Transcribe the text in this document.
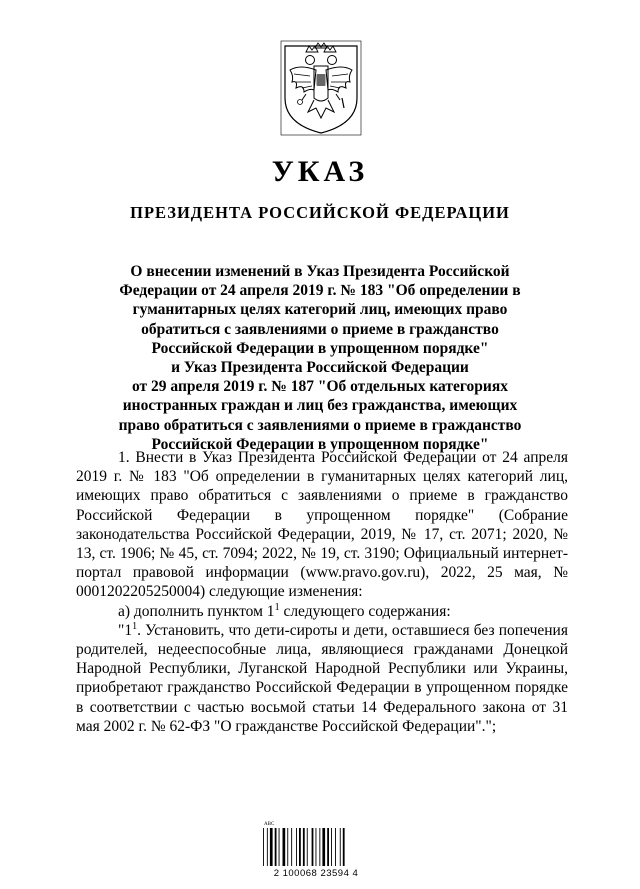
УКАЗ
ПРЕЗИДЕНТА РОССИЙСКОЙ ФЕДЕРАЦИИ
О внесении изменений в Указ Президента Российской
Федерации от 24 апреля 2019 г. № 183 "Об определении в
гуманитарных целях категорий лиц, имеющих право
обратиться с заявлениями о приеме в гражданство
Российской Федерации в упрощенном порядке"
и Указ Президента Российской Федерации
от 29 апреля 2019 г. № 187 "Об отдельных категориях
иностранных граждан и лиц без гражданства, имеющих
право обратиться с заявлениями о приеме в гражданство
Российской Федерации в упрощенном порядке"

1. Внести в Указ Президента Российской Федерации от 24 апреля 2019 г. № 183 "Об определении в гуманитарных целях категорий лиц, имеющих право обратиться с заявлениями о приеме в гражданство Российской Федерации в упрощенном порядке" (Собрание законодательства Российской Федерации, 2019, № 17, ст. 2071; 2020, № 13, ст. 1906; № 45, ст. 7094; 2022, № 19, ст. 3190; Официальный интернет-портал правовой информации (www.pravo.gov.ru), 2022, 25 мая, № 0001202205250004) следующие изменения:

а) дополнить пунктом $1^1$ следующего содержания:

"$1^1$. Установить, что дети-сироты и дети, оставшиеся без попечения родителей, недееспособные лица, являющиеся гражданами Донецкой Народной Республики, Луганской Народной Республики или Украины, приобретают гражданство Российской Федерации в упрощенном порядке в соответствии с частью восьмой статьи 14 Федерального закона от 31 мая 2002 г. № 62-ФЗ "О гражданстве Российской Федерации".";

ABC
2 100068 23594 4
